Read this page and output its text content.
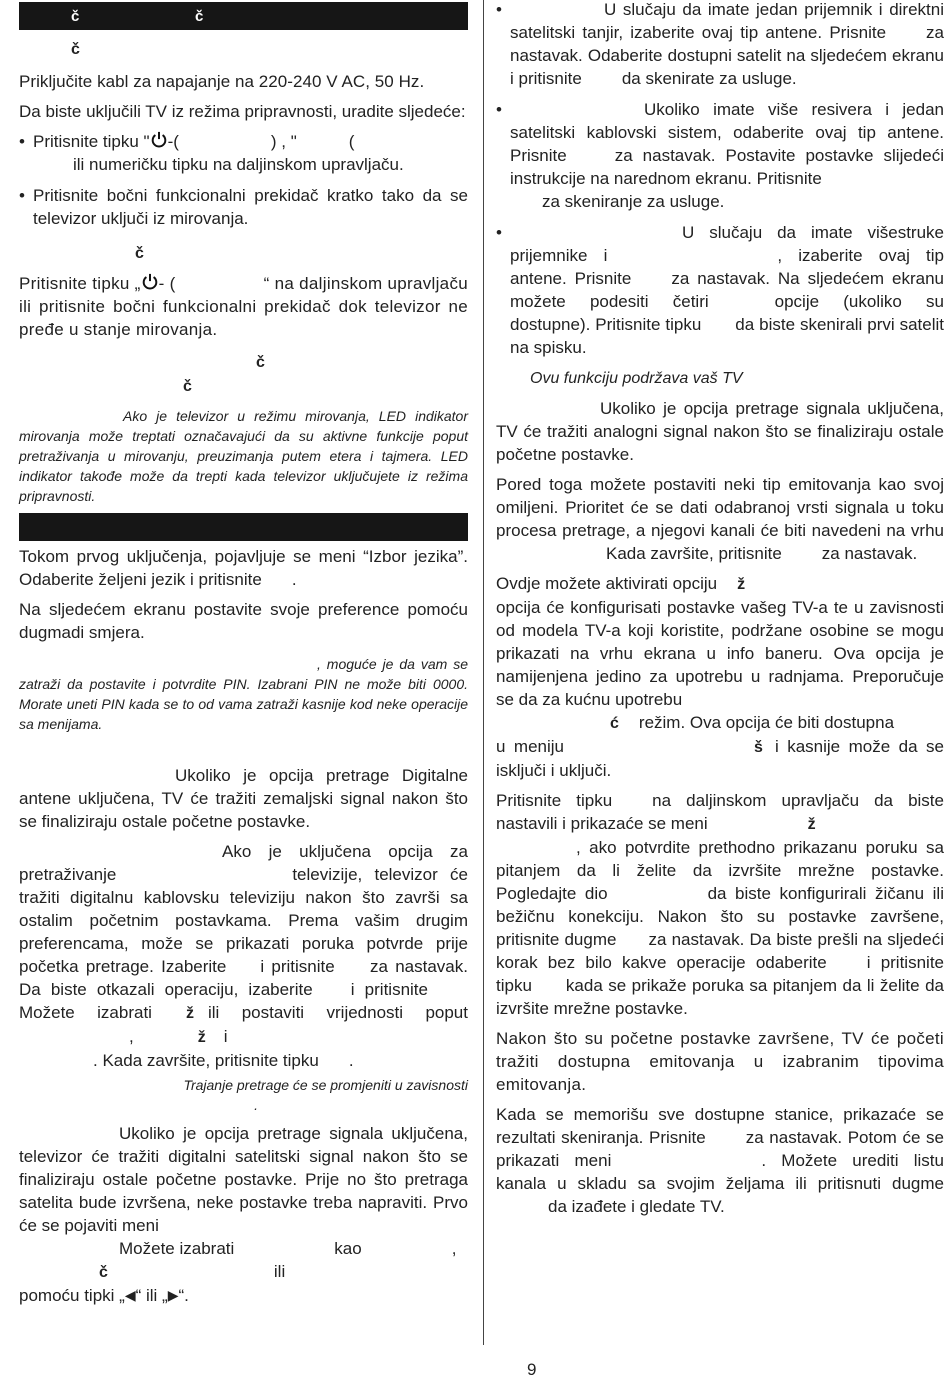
č	č
č

Priključite kabl za napajanje na 220-240 V AC, 50 Hz.

Da biste uključili TV iz režima pripravnosti, uradite sljedeće:

• Pritisnite tipku " -(	) , "	(
ili numeričku tipku na daljinskom upravljaču.
• Pritisnite bočni funkcionalni prekidač kratko tako da se televizor uključi iz mirovanja.
č

Pritisnite tipku „ - (	“ na daljinskom upravljaču ili pritisnite bočni funkcionalni prekidač dok televizor ne pređe u stanje mirovanja.

č
č

Ako je televizor u režimu mirovanja, LED indikator mirovanja može treptati označavajući da su aktivne funkcije poput pretraživanja u mirovanju, preuzimanja putem etera i tajmera. LED indikator takođe može da trepti kada televizor uključujete iz režima pripravnosti.

Tokom prvog uključenja, pojavljuje se meni “Izbor jezika”. Odaberite željeni jezik i pritisnite .

Na sljedećem ekranu postavite svoje preference pomoću dugmadi smjera.

, moguće je da vam se zatraži da postavite i potvrdite PIN. Izabrani PIN ne može biti 0000. Morate uneti PIN kada se to od vama zatraži kasnije kod neke operacije sa menijama.

Ukoliko je opcija pretrage Digitalne antene uključena, TV će tražiti zemaljski signal nakon što se finaliziraju ostale početne postavke.

Ako je uključena opcija za pretraživanje	televizije, televizor će tražiti digitalnu kablovsku televiziju nakon što završi sa ostalim početnim postavkama. Prema vašim drugim preferencama, može se prikazati poruka potvrde prije početka pretrage. Izaberite i pritisnite za nastavak. Da biste otkazali operaciju, izaberite i pritisniteMožete izabrati ž ili postaviti vrijednosti poput,	ž i
. Kada završite, pritisnite tipku .

Trajanje pretrage će se promjeniti u zavisnosti
.

Ukoliko je opcija pretrage signala uključena, televizor će tražiti digitalni satelitski signal nakon što se finaliziraju ostale početne postavke. Prije no što pretraga satelita bude izvršena, neke postavke treba napraviti. Prvo će se pojaviti meni
Možete izabrati	kao	,
č	ili
pomoću tipki „◀“ ili „▶“.

•	U slučaju da imate jedan prijemnik i direktni satelitski tanjir, izaberite ovaj tip antene. Prisnite za nastavak. Odaberite dostupni satelit na sljedećem ekranu i pritisnite da skenirate za usluge.
•	Ukoliko imate više resivera i jedan satelitski kablovski sistem, odaberite ovaj tip antene. Prisnite	za nastavak. Postavite postavke slijedeći instrukcije na narednom ekranu. Pritisnite
za skeniranje za usluge.
•	U slučaju da imate višestruke prijemnike i	, izaberite ovaj tip antene. Prisnite za nastavak. Na sljedećem ekranu možete podesiti četiri	opcije (ukoliko su dostupne). Pritisnite tipku da biste skenirali prvi satelit na spisku.

Ovu funkciju podržava vaš TV

Ukoliko je opcija pretrage signala uključena, TV će tražiti analogni signal nakon što se finaliziraju ostale početne postavke.

Pored toga možete postaviti neki tip emitovanja kao svoj omiljeni. Prioritet će se dati odabranoj vrsti signala u toku procesa pretrage, a njegovi kanali će biti navedeni na vrhuKada završite, pritisnite za nastavak.

Ovdje možete aktivirati opciju ž
opcija će konfigurisati postavke vašeg TV-a te u zavisnosti od modela TV-a koji koristite, podržane osobine se mogu prikazati na vrhu ekrana u info baneru. Ova opcija je namijenjena jedino za upotrebu u radnjama. Preporučuje se da za kućnu upotrebu
ć režim. Ova opcija će biti dostupna
u meniju	š i kasnije može da se isključi i uključi.

Pritisnite tipku na daljinskom upravljaču da biste nastavili i prikazaće se meni	ž
, ako potvrdite prethodno prikazanu poruku sa pitanjem da li želite da izvršite mrežne postavke. Pogledajte dio	da biste konfigurirali žičanu ili bežičnu konekciju. Nakon što su postavke završene, pritisnite dugme za nastavak. Da biste prešli na sljedeći korak bez bilo kakve operacije odaberite i pritisnite tipku kada se prikaže poruka sa pitanjem da li želite da izvršite mrežne postavke.

Nakon što su početne postavke završene, TV će početi tražiti dostupna emitovanja u izabranim tipovima emitovanja.

Kada se memorišu sve dostupne stanice, prikazaće se rezultati skeniranja. Prisnite za nastavak. Potom će se prikazati meni	. Možete urediti listu kanala u skladu sa svojim željama ili pritisnuti dugmeda izađete i gledate TV.

9
